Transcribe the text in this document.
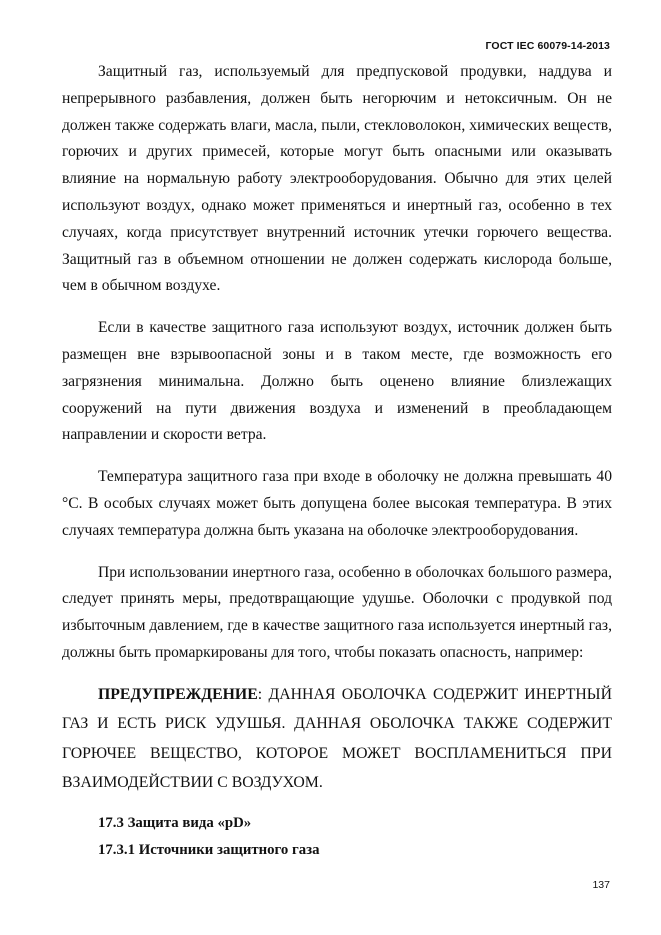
ГОСТ IEC 60079-14-2013

Защитный газ, используемый для предпусковой продувки, наддува и непрерывного разбавления, должен быть негорючим и нетоксичным. Он не должен также содержать влаги, масла, пыли, стекловолокон, химических веществ, горючих и других примесей, которые могут быть опасными или оказывать влияние на нормальную работу электрооборудования. Обычно для этих целей используют воздух, однако может применяться и инертный газ, особенно в тех случаях, когда присутствует внутренний источник утечки горючего вещества. Защитный газ в объемном отношении не должен содержать кислорода больше, чем в обычном воздухе.

Если в качестве защитного газа используют воздух, источник должен быть размещен вне взрывоопасной зоны и в таком месте, где возможность его загрязнения минимальна. Должно быть оценено влияние близлежащих сооружений на пути движения воздуха и изменений в преобладающем направлении и скорости ветра.

Температура защитного газа при входе в оболочку не должна превышать 40 °С. В особых случаях может быть допущена более высокая температура. В этих случаях температура должна быть указана на оболочке электрооборудования.

При использовании инертного газа, особенно в оболочках большого размера, следует принять меры, предотвращающие удушье. Оболочки с продувкой под избыточным давлением, где в качестве защитного газа используется инертный газ, должны быть промаркированы для того, чтобы показать опасность, например:

ПРЕДУПРЕЖДЕНИЕ: ДАННАЯ ОБОЛОЧКА СОДЕРЖИТ ИНЕРТНЫЙ ГАЗ И ЕСТЬ РИСК УДУШЬЯ. ДАННАЯ ОБОЛОЧКА ТАКЖЕ СОДЕРЖИТ ГОРЮЧЕЕ ВЕЩЕСТВО, КОТОРОЕ МОЖЕТ ВОСПЛАМЕНИТЬСЯ ПРИ ВЗАИМОДЕЙСТВИИ С ВОЗДУХОМ.

17.3 Защита вида «pD»
17.3.1 Источники защитного газа
137
